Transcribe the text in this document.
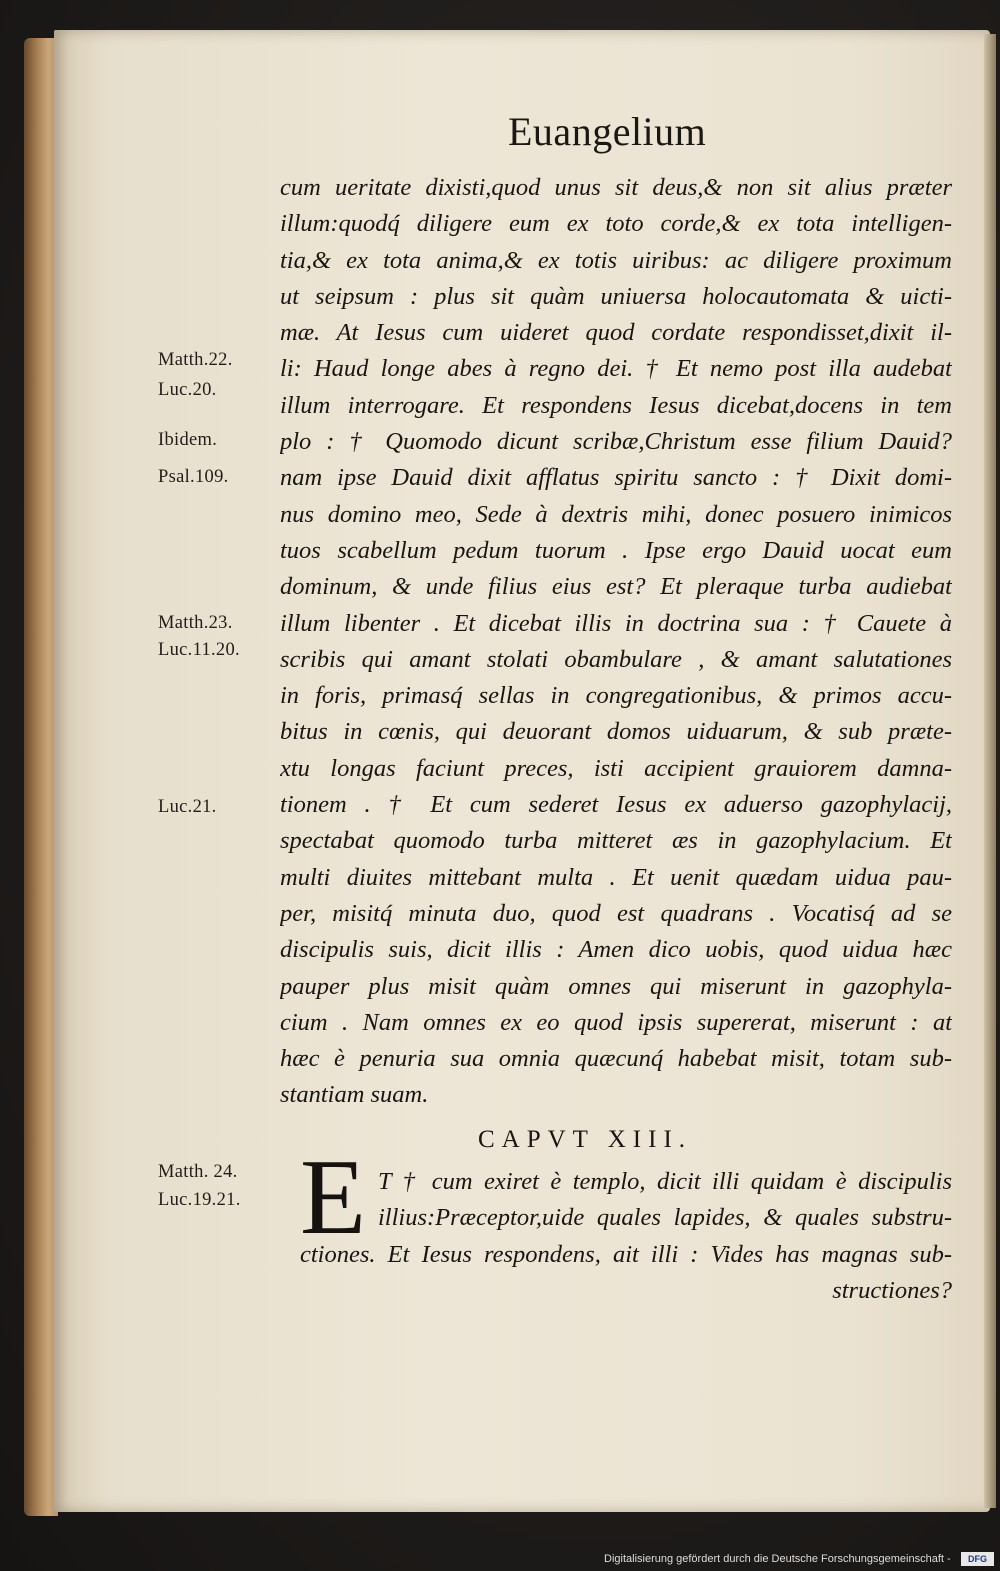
Euangelium
cum ueritate dixisti,quod unus sit deus,& non sit alius præter
illum:quodq́ diligere eum ex toto corde,& ex tota intelligen-
tia,& ex tota anima,& ex totis uiribus: ac diligere proximum
ut seipsum : plus sit quàm uniuersa holocautomata & uicti-
mæ. At Iesus cum uideret quod cordate respondisset,dixit il-
li: Haud longe abes à regno dei. † Et nemo post illa audebat
illum interrogare. Et respondens Iesus dicebat,docens in tem
plo : † Quomodo dicunt scribæ,Christum esse filium Dauid?
nam ipse Dauid dixit afflatus spiritu sancto : † Dixit domi-
nus domino meo, Sede à dextris mihi, donec posuero inimicos
tuos scabellum pedum tuorum . Ipse ergo Dauid uocat eum
dominum, & unde filius eius est? Et pleraque turba audiebat
illum libenter . Et dicebat illis in doctrina sua : † Cauete à
scribis qui amant stolati obambulare , & amant salutationes
in foris, primasq́ sellas in congregationibus, & primos accu-
bitus in cœnis, qui deuorant domos uiduarum, & sub præte-
xtu longas faciunt preces, isti accipient grauiorem damna-
tionem . † Et cum sederet Iesus ex aduerso gazophylacij,
spectabat quomodo turba mitteret æs in gazophylacium. Et
multi diuites mittebant multa . Et uenit quædam uidua pau-
per, misitq́ minuta duo, quod est quadrans . Vocatisq́ ad se
discipulis suis, dicit illis : Amen dico uobis, quod uidua hæc
pauper plus misit quàm omnes qui miserunt in gazophyla-
cium . Nam omnes ex eo quod ipsis supererat, miserunt : at
hæc è penuria sua omnia quæcunq́ habebat misit, totam sub-
stantiam suam.
Matth.22.
Luc.20.
Ibidem.
Psal.109.
Matth.23.
Luc.11.20.
Luc.21.
Matth. 24.
Luc.19.21.
CAPVT XIII.
E T † cum exiret è templo, dicit illi quidam è discipulis
illius:Præceptor,uide quales lapides, & quales substru-
ctiones. Et Iesus respondens, ait illi : Vides has magnas sub-
structiones?
Digitalisierung gefördert durch die Deutsche Forschungsgemeinschaft -	DFG
